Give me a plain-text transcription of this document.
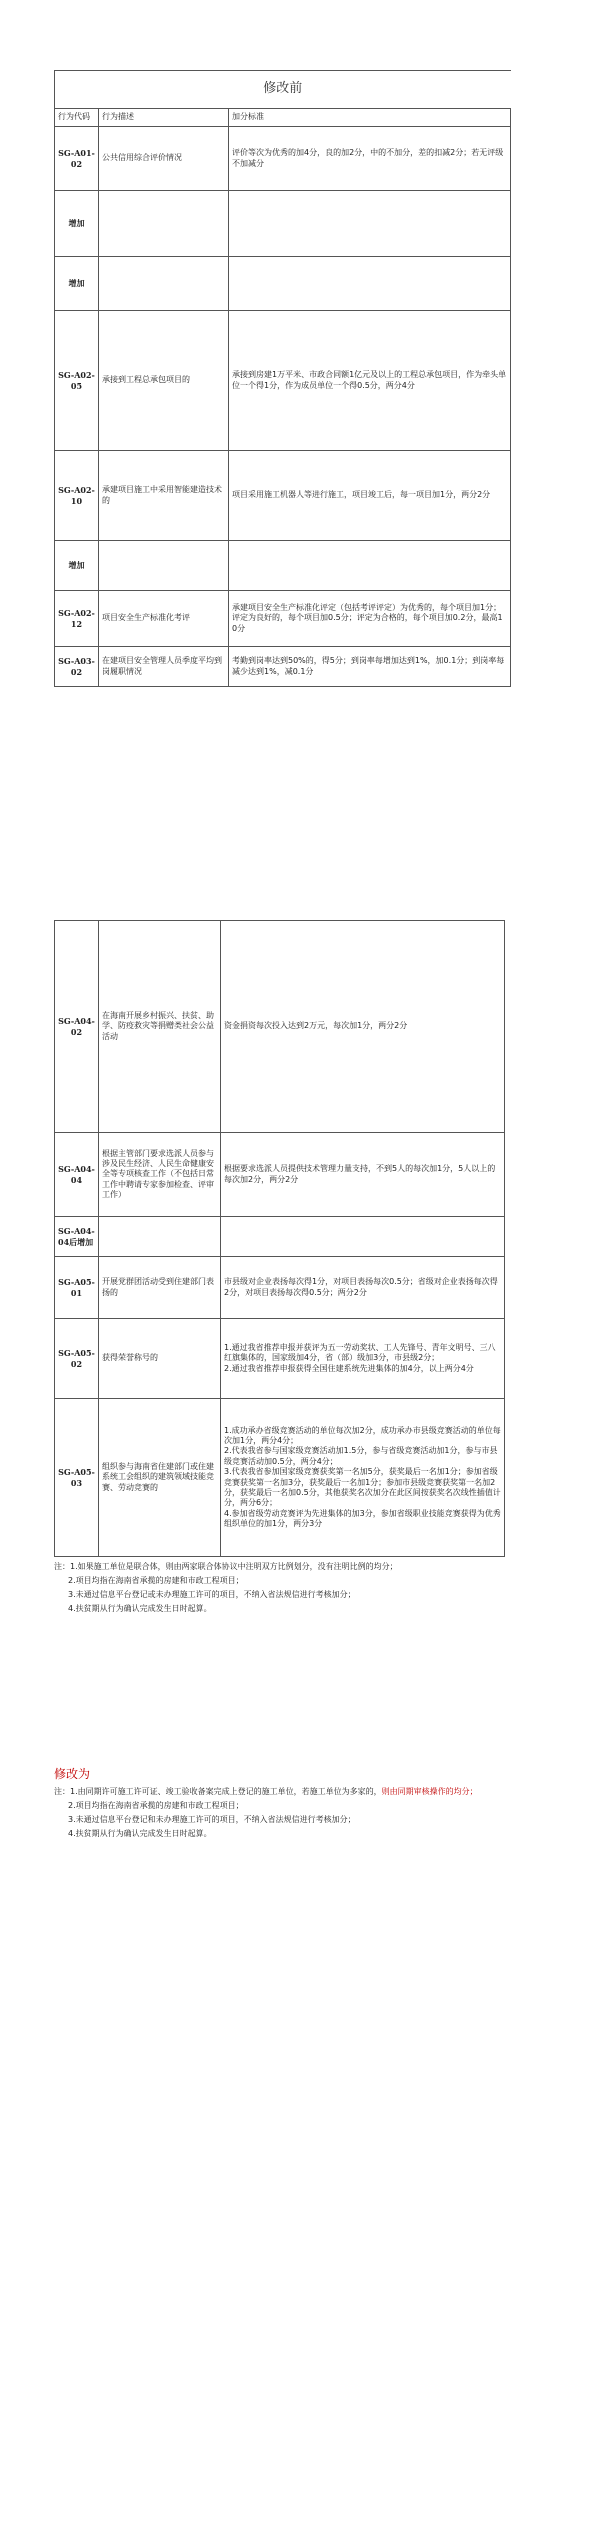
修改前		
行为代码	行为描述	加分标准
SG-A01-02	公共信用综合评价情况	评价等次为优秀的加4分，良的加2分，中的不加分，差的扣减2分；若无评级不加减分
增加		
增加		
SG-A02-05	承接到工程总承包项目的	承接到房建1万平米、市政合同额1亿元及以上的工程总承包项目，作为牵头单位一个得1分，作为成员单位一个得0.5分，两分4分
SG-A02-10	承建项目施工中采用智能建造技术的	项目采用施工机器人等进行施工，项目竣工后，每一项目加1分，两分2分
增加		
SG-A02-12	项目安全生产标准化考评	承建项目安全生产标准化评定（包括考评评定）为优秀的，每个项目加1分；评定为良好的，每个项目加0.5分；评定为合格的，每个项目加0.2分，最高10分
SG-A03-02	在建项目安全管理人员季度平均到岗履职情况	考勤到岗率达到50%的，得5分；到岗率每增加达到1%，加0.1分；到岗率每减少达到1%，减0.1分
SG-A04-02	在海南开展乡村振兴、扶贫、助学、防疫救灾等捐赠类社会公益活动	资金捐资每次投入达到2万元，每次加1分，两分2分
SG-A04-04	根据主管部门要求选派人员参与涉及民生经济、人民生命健康安全等专项核查工作（不包括日常工作中聘请专家参加检查、评审工作）	根据要求选派人员提供技术管理力量支持，不到5人的每次加1分，5人以上的每次加2分，两分2分
SG-A04-04后增加		
SG-A05-01	开展党群团活动受到住建部门表扬的	市县级对企业表扬每次得1分，对项目表扬每次0.5分；省级对企业表扬每次得2分，对项目表扬每次得0.5分；两分2分
SG-A05-02	获得荣誉称号的	1.通过我省推荐申报并获评为五一劳动奖状、工人先锋号、青年文明号、三八红旗集体的，国家级加4分，省（部）级加3分，市县级2分；
2.通过我省推荐申报获得全国住建系统先进集体的加4分，以上两分4分
SG-A05-03	组织参与海南省住建部门或住建系统工会组织的建筑领域技能竞赛、劳动竞赛的	1.成功承办省级竞赛活动的单位每次加2分，成功承办市县级竞赛活动的单位每次加1分，两分4分；
2.代表我省参与国家级竞赛活动加1.5分，参与省级竞赛活动加1分，参与市县级竞赛活动加0.5分，两分4分；
3.代表我省参加国家级竞赛获奖第一名加5分，获奖最后一名加1分；参加省级竞赛获奖第一名加3分，获奖最后一名加1分；参加市县级竞赛获奖第一名加2分，获奖最后一名加0.5分，其他获奖名次加分在此区间按获奖名次线性插值计分，两分6分；
4.参加省级劳动竞赛评为先进集体的加3分，参加省级职业技能竞赛获得为优秀组织单位的加1分，两分3分

注：1.如果施工单位是联合体，则由两家联合体协议中注明双方比例划分，没有注明比例的均分；

2.项目均指在海南省承揽的房建和市政工程项目；

3.未通过信息平台登记或未办理施工许可的项目，不纳入省法规信进行考核加分；

4.扶贫期从行为确认完成发生日时起算。

修改为

注：1.由同期许可施工许可证、竣工验收备案完成上登记的施工单位，若施工单位为多家的，则由同期审核操作的均分；

2.项目均指在海南省承揽的房建和市政工程项目；

3.未通过信息平台登记和未办理施工许可的项目，不纳入省法规信进行考核加分；

4.扶贫期从行为确认完成发生日时起算。
